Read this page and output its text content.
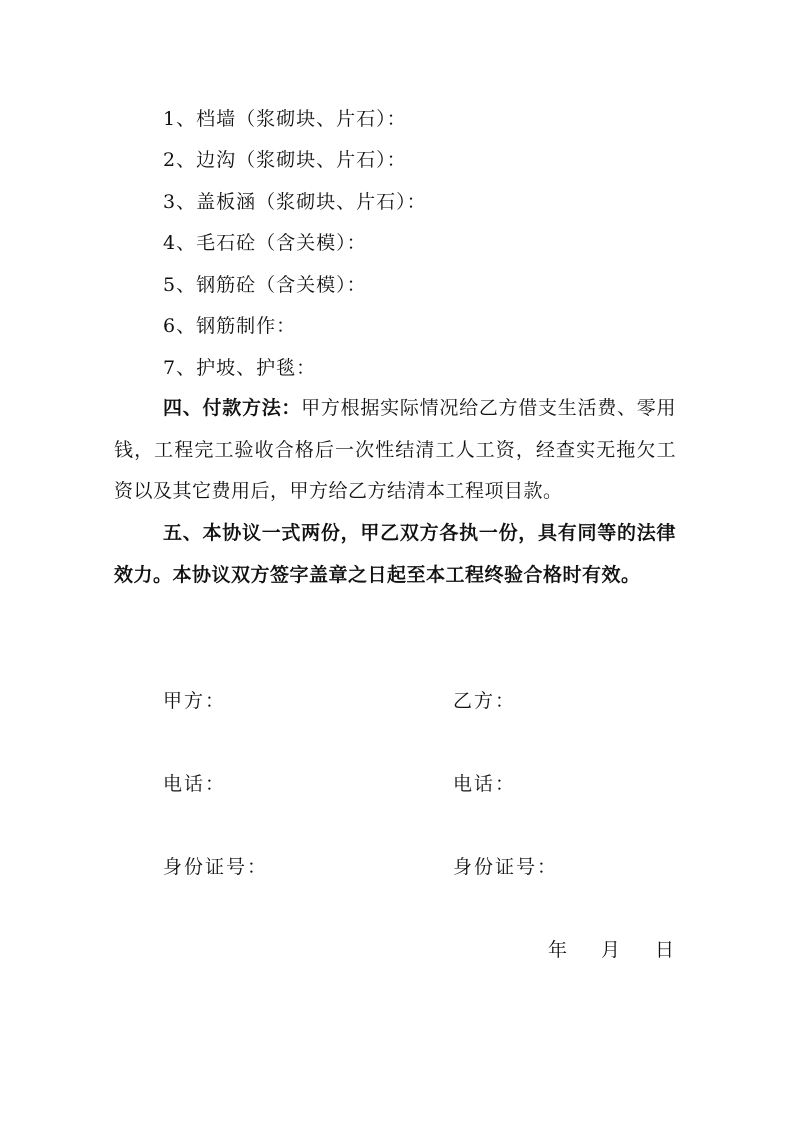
1、档墙（浆砌块、片石）：
2、边沟（浆砌块、片石）：
3、盖板涵（浆砌块、片石）：
4、毛石砼（含关模）：
5、钢筋砼（含关模）：
6、钢筋制作：
7、护坡、护毯：
四、付款方法：甲方根据实际情况给乙方借支生活费、零用钱，工程完工验收合格后一次性结清工人工资，经查实无拖欠工资以及其它费用后，甲方给乙方结清本工程项目款。
五、本协议一式两份，甲乙双方各执一份，具有同等的法律效力。本协议双方签字盖章之日起至本工程终验合格时有效。
甲方：	乙方：
电话：	电话：
身份证号：	身份证号：
年 月 日
